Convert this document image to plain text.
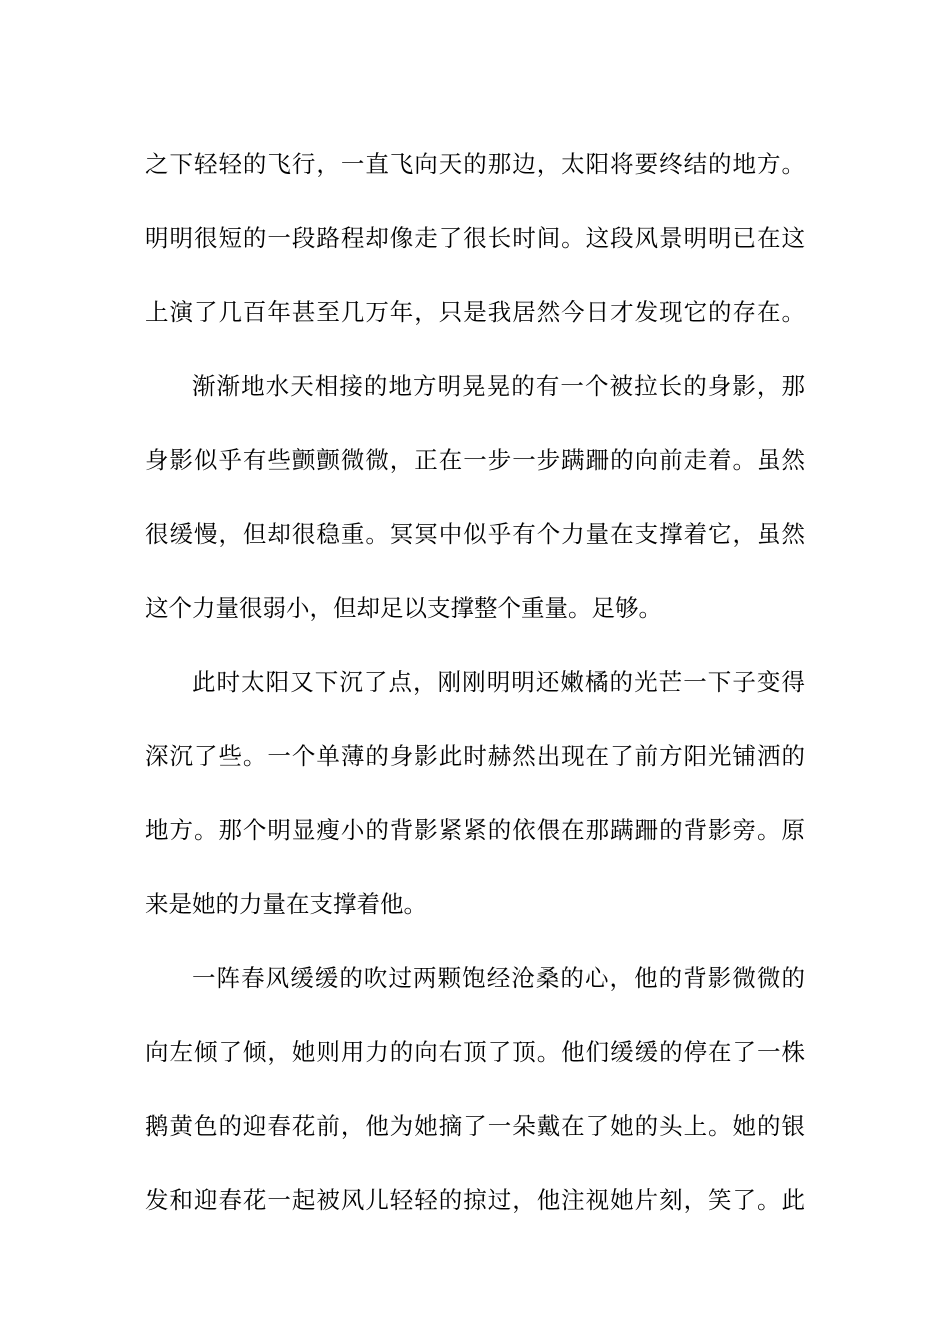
之下轻轻的飞行，一直飞向天的那边，太阳将要终结的地方。
明明很短的一段路程却像走了很长时间。这段风景明明已在这
上演了几百年甚至几万年，只是我居然今日才发现它的存在。
渐渐地水天相接的地方明晃晃的有一个被拉长的身影，那
身影似乎有些颤颤微微，正在一步一步蹒跚的向前走着。虽然
很缓慢，但却很稳重。冥冥中似乎有个力量在支撑着它，虽然
这个力量很弱小，但却足以支撑整个重量。足够。
此时太阳又下沉了点，刚刚明明还嫩橘的光芒一下子变得
深沉了些。一个单薄的身影此时赫然出现在了前方阳光铺洒的
地方。那个明显瘦小的背影紧紧的依偎在那蹒跚的背影旁。原
来是她的力量在支撑着他。
一阵春风缓缓的吹过两颗饱经沧桑的心，他的背影微微的
向左倾了倾，她则用力的向右顶了顶。他们缓缓的停在了一株
鹅黄色的迎春花前，他为她摘了一朵戴在了她的头上。她的银
发和迎春花一起被风儿轻轻的掠过，他注视她片刻，笑了。此
